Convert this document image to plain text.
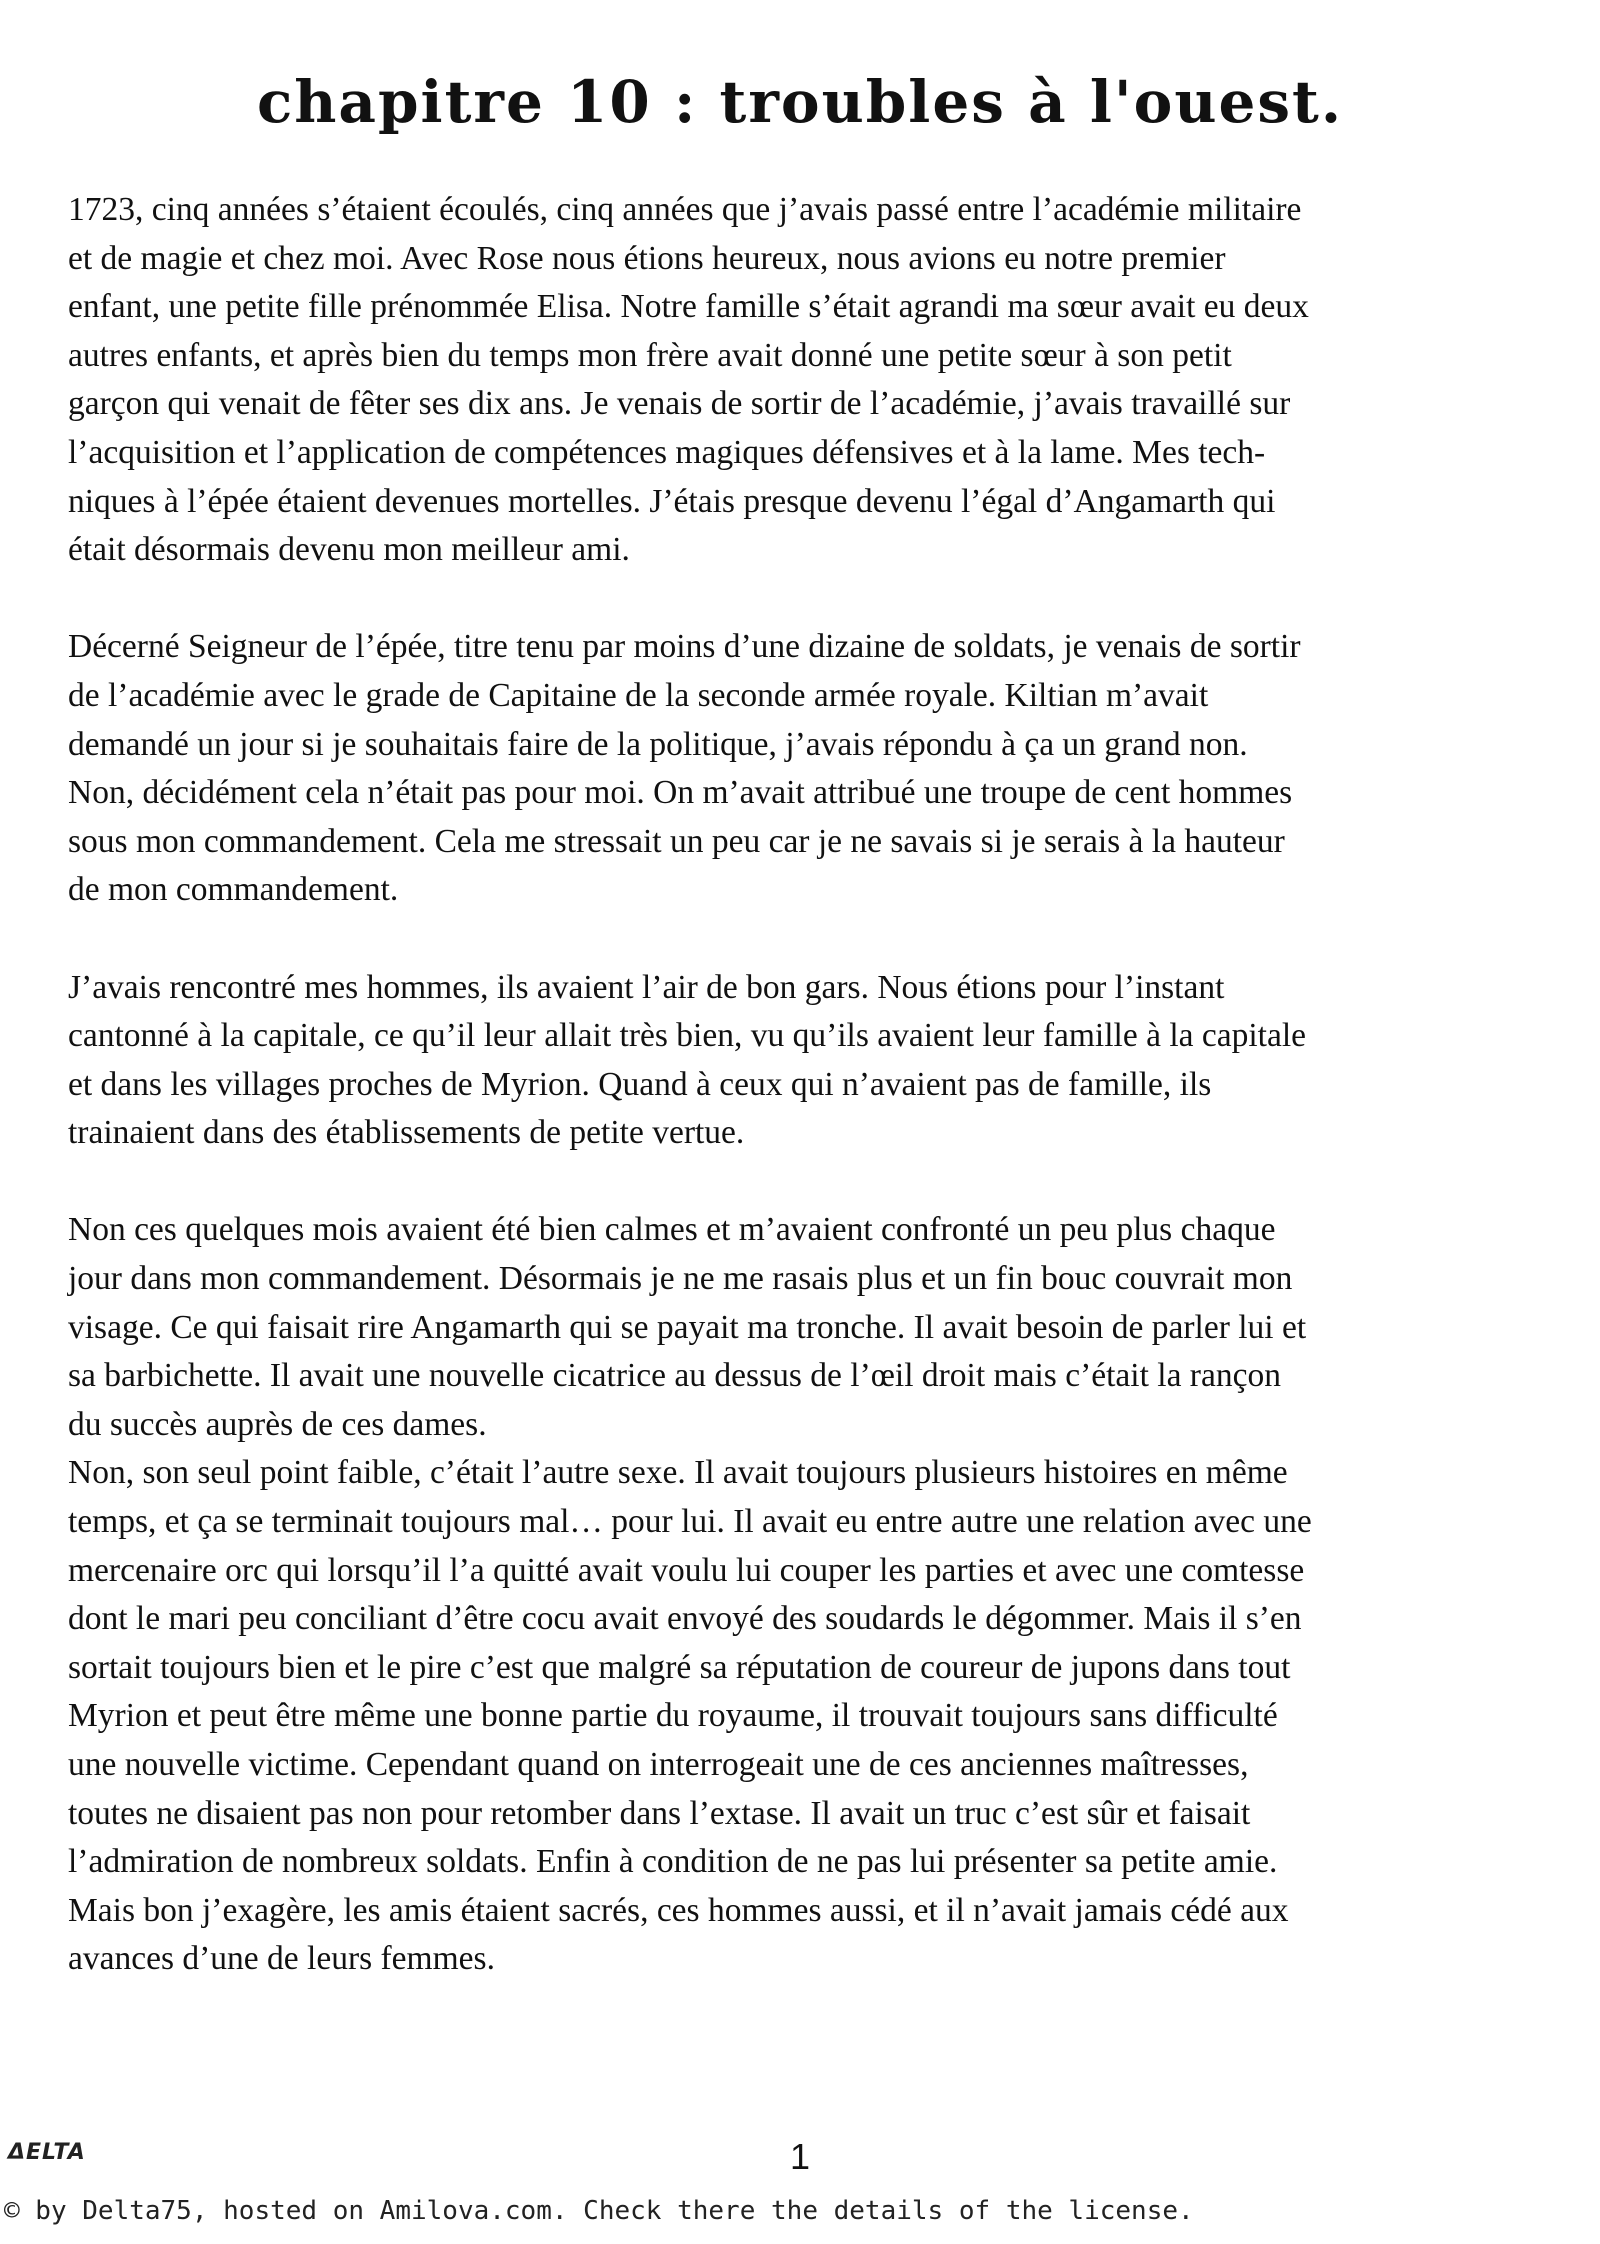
chapitre 10 : troubles à l'ouest.

1723, cinq années s’étaient écoulés, cinq années que j’avais passé entre l’académie militaire
et de magie et chez moi. Avec Rose nous étions heureux, nous avions eu notre premier
enfant, une petite fille prénommée Elisa. Notre famille s’était agrandi ma sœur avait eu deux
autres enfants, et après bien du temps mon frère avait donné une petite sœur à son petit
garçon qui venait de fêter ses dix ans. Je venais de sortir de l’académie, j’avais travaillé sur
l’acquisition et l’application de compétences magiques défensives et à la lame. Mes tech-
niques à l’épée étaient devenues mortelles. J’étais presque devenu l’égal d’Angamarth qui
était désormais devenu mon meilleur ami.

Décerné Seigneur de l’épée, titre tenu par moins d’une dizaine de soldats, je venais de sortir
de l’académie avec le grade de Capitaine de la seconde armée royale. Kiltian m’avait
demandé un jour si je souhaitais faire de la politique, j’avais répondu à ça un grand non.
Non, décidément cela n’était pas pour moi. On m’avait attribué une troupe de cent hommes
sous mon commandement. Cela me stressait un peu car je ne savais si je serais à la hauteur
de mon commandement.

J’avais rencontré mes hommes, ils avaient l’air de bon gars. Nous étions pour l’instant
cantonné à la capitale, ce qu’il leur allait très bien, vu qu’ils avaient leur famille à la capitale
et dans les villages proches de Myrion. Quand à ceux qui n’avaient pas de famille, ils
trainaient dans des établissements de petite vertue.

Non ces quelques mois avaient été bien calmes et m’avaient confronté un peu plus chaque
jour dans mon commandement. Désormais je ne me rasais plus et un fin bouc couvrait mon
visage. Ce qui faisait rire Angamarth qui se payait ma tronche. Il avait besoin de parler lui et
sa barbichette. Il avait une nouvelle cicatrice au dessus de l’œil droit mais c’était la rançon
du succès auprès de ces dames.
Non, son seul point faible, c’était l’autre sexe. Il avait toujours plusieurs histoires en même
temps, et ça se terminait toujours mal… pour lui. Il avait eu entre autre une relation avec une
mercenaire orc qui lorsqu’il l’a quitté avait voulu lui couper les parties et avec une comtesse
dont le mari peu conciliant d’être cocu avait envoyé des soudards le dégommer. Mais il s’en
sortait toujours bien et le pire c’est que malgré sa réputation de coureur de jupons dans tout
Myrion et peut être même une bonne partie du royaume, il trouvait toujours sans difficulté
une nouvelle victime. Cependant quand on interrogeait une de ces anciennes maîtresses,
toutes ne disaient pas non pour retomber dans l’extase. Il avait un truc c’est sûr et faisait
l’admiration de nombreux soldats. Enfin à condition de ne pas lui présenter sa petite amie.
Mais bon j’exagère, les amis étaient sacrés, ces hommes aussi, et il n’avait jamais cédé aux
avances d’une de leurs femmes.

ΔELTA	1
© by Delta75, hosted on Amilova.com. Check there the details of the license.
